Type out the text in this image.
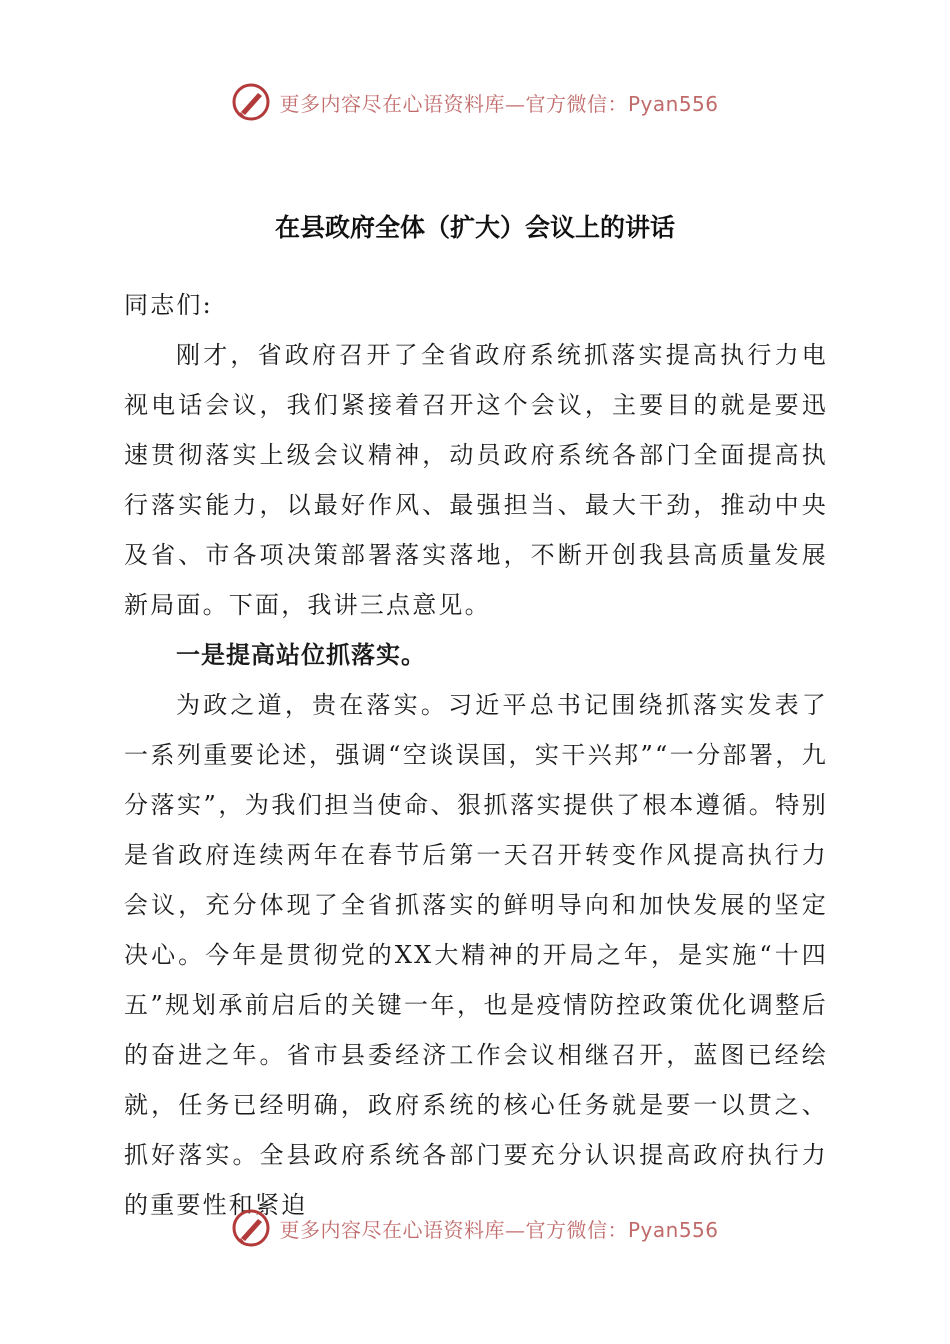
更多内容尽在心语资料库—官方微信：Pyan556
在县政府全体（扩大）会议上的讲话

同志们:

刚才，省政府召开了全省政府系统抓落实提高执行力电视电话会议，我们紧接着召开这个会议，主要目的就是要迅速贯彻落实上级会议精神，动员政府系统各部门全面提高执行落实能力，以最好作风、最强担当、最大干劲，推动中央及省、市各项决策部署落实落地，不断开创我县高质量发展新局面。下面，我讲三点意见。

一是提高站位抓落实。

为政之道，贵在落实。习近平总书记围绕抓落实发表了一系列重要论述，强调“空谈误国，实干兴邦”“一分部署，九分落实”，为我们担当使命、狠抓落实提供了根本遵循。特别是省政府连续两年在春节后第一天召开转变作风提高执行力会议，充分体现了全省抓落实的鲜明导向和加快发展的坚定决心。今年是贯彻党的XX大精神的开局之年，是实施“十四五”规划承前启后的关键一年，也是疫情防控政策优化调整后的奋进之年。省市县委经济工作会议相继召开，蓝图已经绘就，任务已经明确，政府系统的核心任务就是要一以贯之、抓好落实。全县政府系统各部门要充分认识提高政府执行力的重要性和紧迫

更多内容尽在心语资料库—官方微信：Pyan556
